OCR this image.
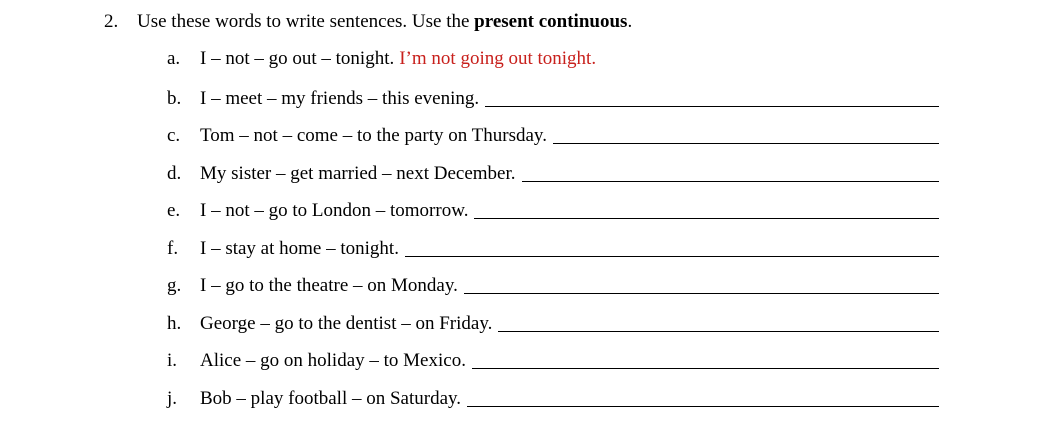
2. Use these words to write sentences. Use the present continuous.
a.	I – not – go out – tonight. I’m not going out tonight.
b. I – meet – my friends – this evening.
c.	Tom – not – come – to the party on Thursday.
d. My sister – get married – next December.
e.	I – not – go to London – tomorrow.
f.	I – stay at home – tonight.
g. I – go to the theatre – on Monday.
h. George – go to the dentist – on Friday.
i.	Alice – go on holiday – to Mexico.
j.	Bob – play football – on Saturday.
